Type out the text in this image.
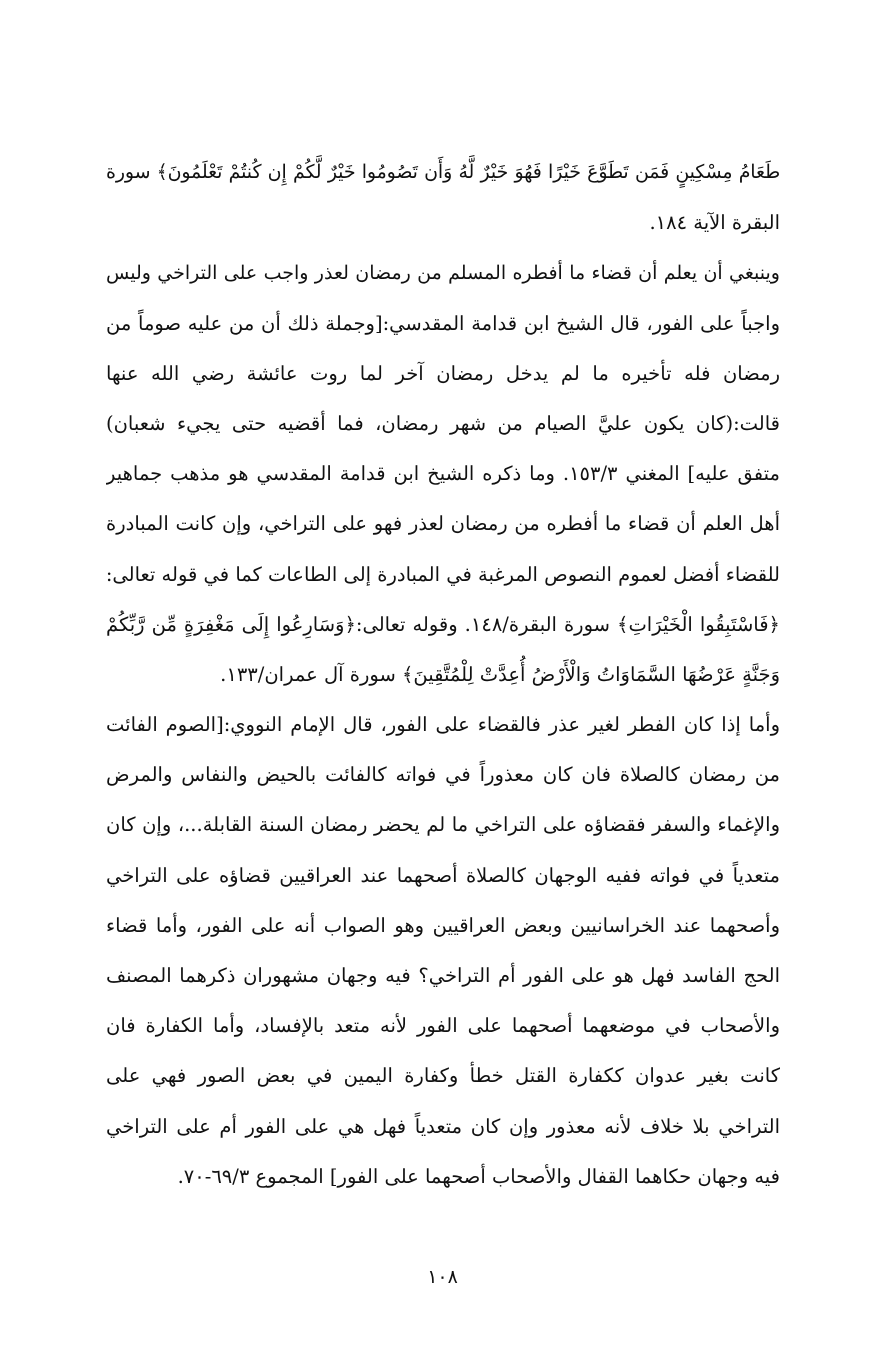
طَعَامُ مِسْكِينٍ فَمَن تَطَوَّعَ خَيْرًا فَهُوَ خَيْرٌ لَّهُ وَأَن تَصُومُوا خَيْرٌ لَّكُمْ إِن كُنتُمْ تَعْلَمُونَ﴾ سورة
البقرة الآية ١٨٤.
وينبغي أن يعلم أن قضاء ما أفطره المسلم من رمضان لعذر واجب على التراخي وليس
واجباً على الفور، قال الشيخ ابن قدامة المقدسي:[وجملة ذلك أن من عليه صوماً من
رمضان فله تأخيره ما لم يدخل رمضان آخر لما روت عائشة رضي الله عنها
قالت:(كان يكون عليَّ الصيام من شهر رمضان، فما أقضيه حتى يجيء شعبان)
متفق عليه] المغني ١٥٣/٣. وما ذكره الشيخ ابن قدامة المقدسي هو مذهب جماهير
أهل العلم أن قضاء ما أفطره من رمضان لعذر فهو على التراخي، وإن كانت المبادرة
للقضاء أفضل لعموم النصوص المرغبة في المبادرة إلى الطاعات كما في قوله تعالى:
﴿فَاسْتَبِقُوا الْخَيْرَاتِ﴾ سورة البقرة/١٤٨. وقوله تعالى:﴿وَسَارِعُوا إِلَى مَغْفِرَةٍ مِّن رَّبِّكُمْ
وَجَنَّةٍ عَرْضُهَا السَّمَاوَاتُ وَالْأَرْضُ أُعِدَّتْ لِلْمُتَّقِينَ﴾ سورة آل عمران/١٣٣.
وأما إذا كان الفطر لغير عذر فالقضاء على الفور، قال الإمام النووي:[الصوم الفائت
من رمضان كالصلاة فان كان معذوراً في فواته كالفائت بالحيض والنفاس والمرض
والإغماء والسفر فقضاؤه على التراخي ما لم يحضر رمضان السنة القابلة...، وإن كان
متعدياً في فواته ففيه الوجهان كالصلاة أصحهما عند العراقيين قضاؤه على التراخي
وأصحهما عند الخراسانيين وبعض العراقيين وهو الصواب أنه على الفور، وأما قضاء
الحج الفاسد فهل هو على الفور أم التراخي؟ فيه وجهان مشهوران ذكرهما المصنف
والأصحاب في موضعهما أصحهما على الفور لأنه متعد بالإفساد، وأما الكفارة فان
كانت بغير عدوان ككفارة القتل خطأ وكفارة اليمين في بعض الصور فهي على
التراخي بلا خلاف لأنه معذور وإن كان متعدياً فهل هي على الفور أم على التراخي
فيه وجهان حكاهما القفال والأصحاب أصحهما على الفور] المجموع ٦٩/٣-٧٠.
١٠٨
